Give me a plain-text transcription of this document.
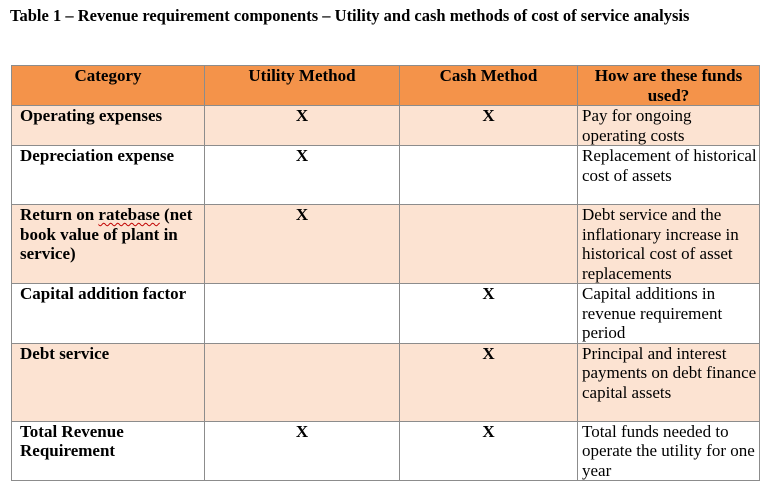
Table 1 – Revenue requirement components – Utility and cash methods of cost of service analysis
Category	Utility Method	Cash Method	How are these funds used?
Operating expenses	X	X	Pay for ongoing operating costs
Depreciation expense	X		Replacement of historical cost of assets
Return on ratebase (net book value of plant in service)	X		Debt service and the inflationary increase in historical cost of asset replacements
Capital addition factor		X	Capital additions in revenue requirement period
Debt service		X	Principal and interest payments on debt finance capital assets
Total Revenue Requirement	X	X	Total funds needed to operate the utility for one year
